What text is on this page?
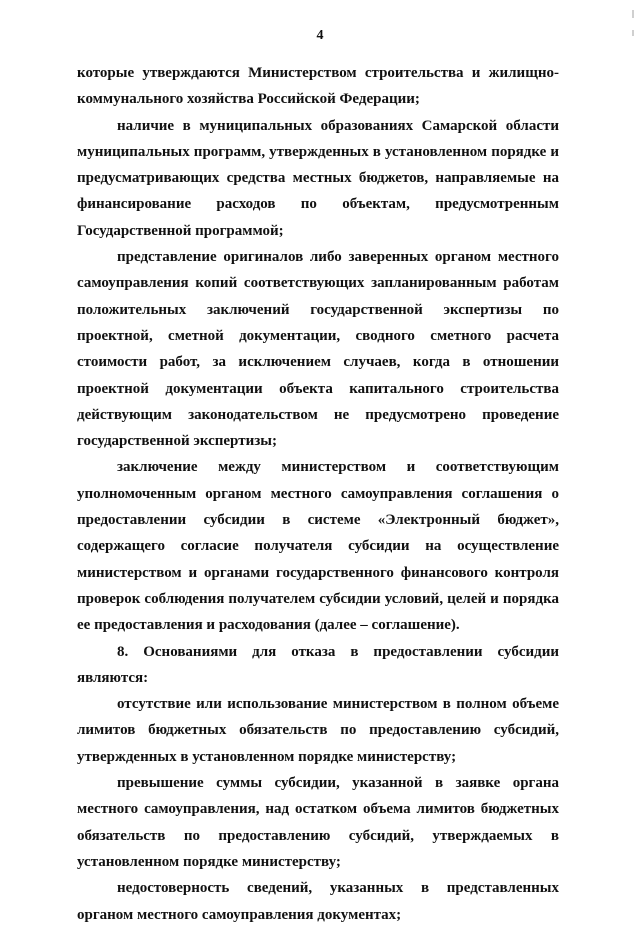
4

которые утверждаются Министерством строительства и жилищно-коммунального хозяйства Российской Федерации;

наличие в муниципальных образованиях Самарской области муниципальных программ, утвержденных в установленном порядке и предусматривающих средства местных бюджетов, направляемые на финансирование расходов по объектам, предусмотренным Государственной программой;

представление оригиналов либо заверенных органом местного самоуправления копий соответствующих запланированным работам положительных заключений государственной экспертизы по проектной, сметной документации, сводного сметного расчета стоимости работ, за исключением случаев, когда в отношении проектной документации объекта капитального строительства действующим законодательством не предусмотрено проведение государственной экспертизы;

заключение между министерством и соответствующим уполномоченным органом местного самоуправления соглашения о предоставлении субсидии в системе «Электронный бюджет», содержащего согласие получателя субсидии на осуществление министерством и органами государственного финансового контроля проверок соблюдения получателем субсидии условий, целей и порядка ее предоставления и расходования (далее – соглашение).

8. Основаниями для отказа в предоставлении субсидии являются:

отсутствие или использование министерством в полном объеме лимитов бюджетных обязательств по предоставлению субсидий, утвержденных в установленном порядке министерству;

превышение суммы субсидии, указанной в заявке органа местного самоуправления, над остатком объема лимитов бюджетных обязательств по предоставлению субсидий, утверждаемых в установленном порядке министерству;

недостоверность сведений, указанных в представленных органом местного самоуправления документах;
